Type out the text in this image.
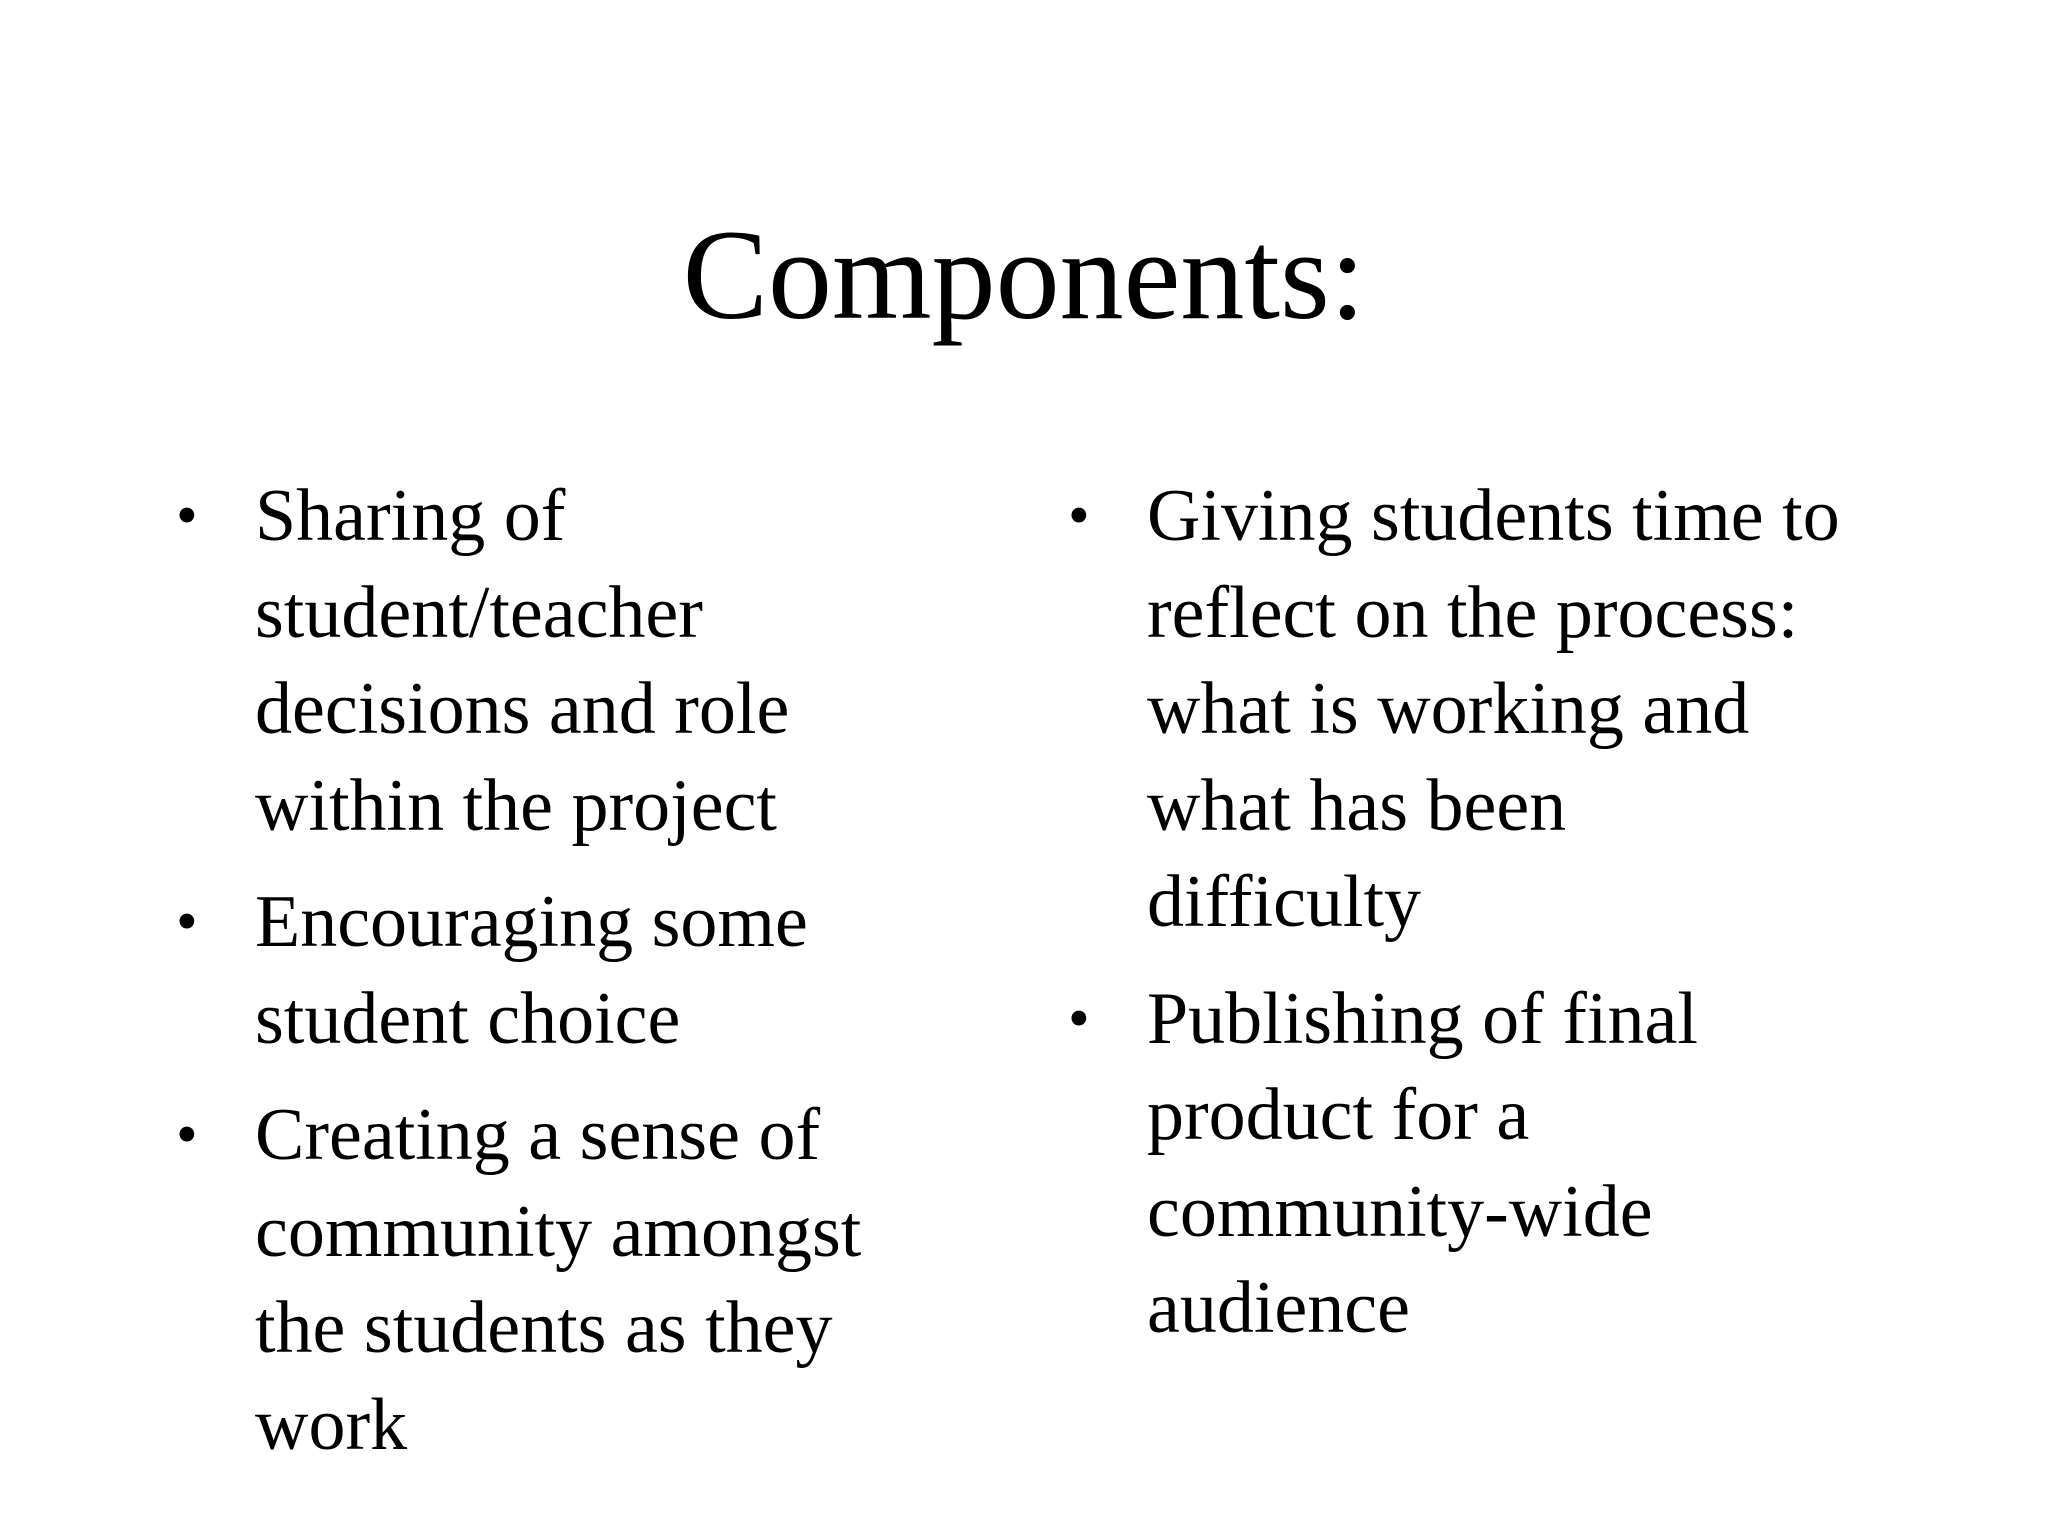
Components:
• Sharing of
student/teacher
decisions and role
within the project
• Encouraging some
student choice
• Creating a sense of
community amongst
the students as they
work
• Giving students time to
reflect on the process:
what is working and
what has been
difficulty
• Publishing of final
product for a
community-wide
audience
